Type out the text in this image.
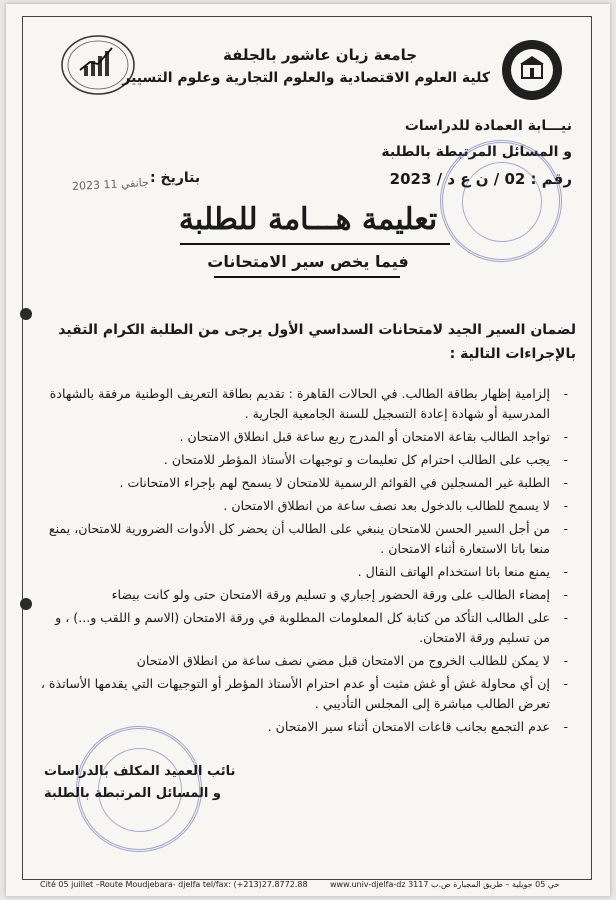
جامعة زيان عاشور بالجلفة
كلية العلوم الاقتصادية والعلوم التجارية وعلوم التسيير
نيـــابة العمادة للدراسات
و المسائل المرتبطة بالطلبة
رقم : 02 / ن ع د / 2023
بتاريخ :
2023 11 جانفي
تعليمة هـــامة للطلبة
فيما يخص سير الامتحانات
لضمان السير الجيد لامتحانات السداسي الأول يرجى من الطلبة الكرام التقيد بالإجراءات التالية :
- إلزامية إظهار بطاقة الطالب. في الحالات القاهرة : تقديم بطاقة التعريف الوطنية مرفقة بالشهادة المدرسية أو شهادة إعادة التسجيل للسنة الجامعية الجارية .
- تواجد الطالب بقاعة الامتحان أو المدرج ربع ساعة قبل انطلاق الامتحان .
- يجب على الطالب احترام كل تعليمات و توجيهات الأستاذ المؤطر للامتحان .
- الطلبة غير المسجلين في القوائم الرسمية للامتحان لا يسمح لهم بإجراء الامتحانات .
- لا يسمح للطالب بالدخول بعد نصف ساعة من انطلاق الامتحان .
- من أجل السير الحسن للامتحان ينبغي على الطالب أن يحضر كل الأدوات الضرورية للامتحان، يمنع منعا باتا الاستعارة أثناء الامتحان .
- يمنع منعا باتا استخدام الهاتف النقال .
- إمضاء الطالب على ورقة الحضور إجباري و تسليم ورقة الامتحان حتى ولو كانت بيضاء
- على الطالب التأكد من كتابة كل المعلومات المطلوبة في ورقة الامتحان (الاسم و اللقب و...) ، و من تسليم ورقة الامتحان.
- لا يمكن للطالب الخروج من الامتحان قبل مضي نصف ساعة من انطلاق الامتحان
- إن أي محاولة غش أو غش مثبت أو عدم احترام الأستاذ المؤطر أو التوجيهات التي يقدمها الأساتذة ، تعرض الطالب مباشرة إلى المجلس التأديبي .
- عدم التجمع بجانب قاعات الامتحان أثناء سير الامتحان .
نائب العميد المكلف بالدراسات
و المسائل المرتبطة بالطلبة
Cité 05 juillet –Route Moudjebara- djelfa tel/fax: (+213)27.8772.88	www.univ-djelfa-dz 3117 حي 05 جويلية – طريق المجبارة ص.ب
